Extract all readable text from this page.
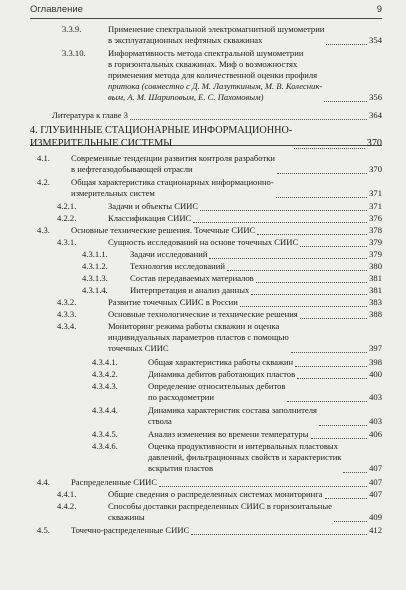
Оглавление	9
3.3.9.	Применение спектральной электромагнитной шумометрии
в эксплуатационных нефтяных скважинах	354
3.3.10.	Информативность метода спектральной шумометрии
в горизонтальных скважинах. Миф о возможностях
применения метода для количественной оценки профиля
притока (совместно с Д. М. Лазуткиным, М. В. Колесник-
вым, А. М. Шариповым, Е. С. Пахомовым)	356
Литература к главе 3	364
4. ГЛУБИННЫЕ СТАЦИОНАРНЫЕ ИНФОРМАЦИОННО-
ИЗМЕРИТЕЛЬНЫЕ СИСТЕМЫ	370
4.1. Современные тенденции развития контроля разработки
в нефтегазодобывающей отрасли	370
4.2. Общая характеристика стационарных информационно-
измерительных систем	371
4.2.1.	Задачи и объекты СИИС	371
4.2.2.	Классификация СИИС	376
4.3. Основные технические решения. Точечные СИИС	378
4.3.1.	Сущность исследований на основе точечных СИИС	379
4.3.1.1.	Задачи исследований	379
4.3.1.2.	Технология исследований	380
4.3.1.3.	Состав передаваемых материалов	381
4.3.1.4.	Интерпретация и анализ данных	381
4.3.2.	Развитие точечных СИИС в России	383
4.3.3.	Основные технологические и технические решения	388
4.3.4.	Мониторинг режима работы скважин и оценка
индивидуальных параметров пластов с помощью
точечных СИИС	397
4.3.4.1.	Общая характеристика работы скважин	398
4.3.4.2.	Динамика дебитов работающих пластов	400
4.3.4.3.	Определение относительных дебитов
по расходометрии	403
4.3.4.4.	Динамика характеристик состава заполнителя
ствола	403
4.3.4.5.	Анализ изменения во времени температуры	406
4.3.4.6.	Оценка продуктивности и интервальных пластовых
давлений, фильтрационных свойств и характеристик
вскрытия пластов	407
4.4. Распределенные СИИС	407
4.4.1.	Общие сведения о распределенных системах мониторинга	407
4.4.2.	Способы доставки распределенных СИИС в горизонтальные
скважины	409
4.5. Точечно-распределенные СИИС	412
